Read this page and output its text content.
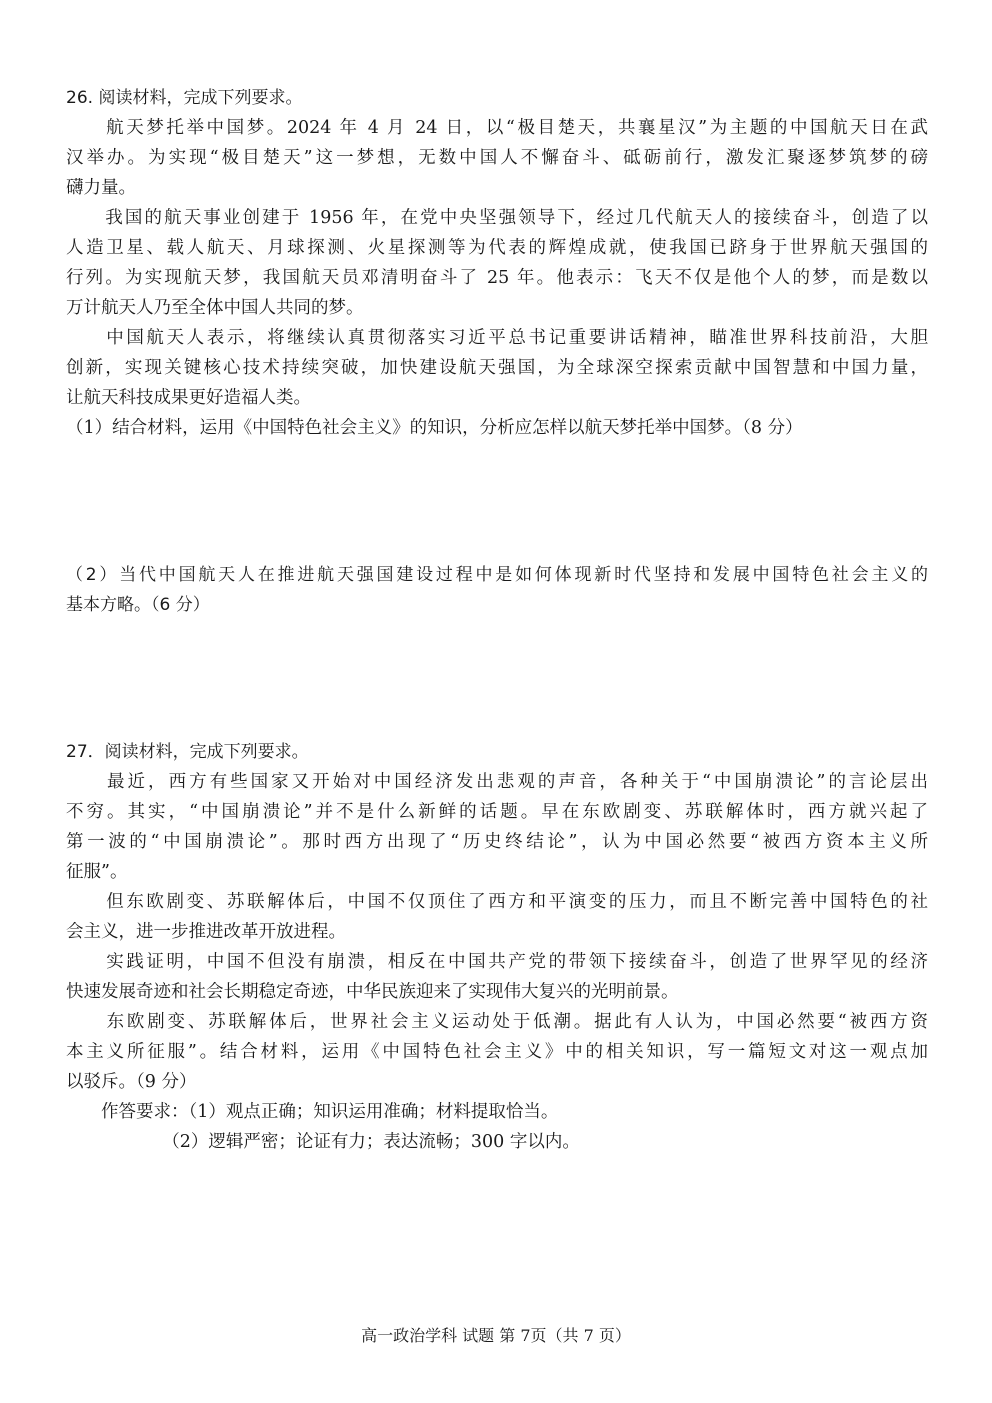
26. 阅读材料，完成下列要求。
　　航天梦托举中国梦。2024 年 4 月 24 日，以“极目楚天，共襄星汉”为主题的中国航天日在武
汉举办。为实现“极目楚天”这一梦想，无数中国人不懈奋斗、砥砺前行，激发汇聚逐梦筑梦的磅
礴力量。
　　我国的航天事业创建于 1956 年，在党中央坚强领导下，经过几代航天人的接续奋斗，创造了以
人造卫星、载人航天、月球探测、火星探测等为代表的辉煌成就，使我国已跻身于世界航天强国的
行列。为实现航天梦，我国航天员邓清明奋斗了 25 年。他表示：飞天不仅是他个人的梦，而是数以
万计航天人乃至全体中国人共同的梦。
　　中国航天人表示，将继续认真贯彻落实习近平总书记重要讲话精神，瞄准世界科技前沿，大胆
创新，实现关键核心技术持续突破，加快建设航天强国，为全球深空探索贡献中国智慧和中国力量，
让航天科技成果更好造福人类。
（1）结合材料，运用《中国特色社会主义》的知识，分析应怎样以航天梦托举中国梦。（8 分）
（2）当代中国航天人在推进航天强国建设过程中是如何体现新时代坚持和发展中国特色社会主义的
基本方略。（6 分）
27．阅读材料，完成下列要求。
　　最近，西方有些国家又开始对中国经济发出悲观的声音，各种关于“中国崩溃论”的言论层出
不穷。其实，“中国崩溃论”并不是什么新鲜的话题。早在东欧剧变、苏联解体时，西方就兴起了
第一波的“中国崩溃论”。那时西方出现了“历史终结论”，认为中国必然要“被西方资本主义所
征服”。
　　但东欧剧变、苏联解体后，中国不仅顶住了西方和平演变的压力，而且不断完善中国特色的社
会主义，进一步推进改革开放进程。
　　实践证明，中国不但没有崩溃，相反在中国共产党的带领下接续奋斗，创造了世界罕见的经济
快速发展奇迹和社会长期稳定奇迹，中华民族迎来了实现伟大复兴的光明前景。
　　东欧剧变、苏联解体后，世界社会主义运动处于低潮。据此有人认为，中国必然要“被西方资
本主义所征服”。结合材料，运用《中国特色社会主义》中的相关知识，写一篇短文对这一观点加
以驳斥。（9 分）
　　作答要求：（1）观点正确；知识运用准确；材料提取恰当。
　　　　　　（2）逻辑严密；论证有力；表达流畅；300 字以内。
高一政治学科 试题 第 7页（共 7 页）
